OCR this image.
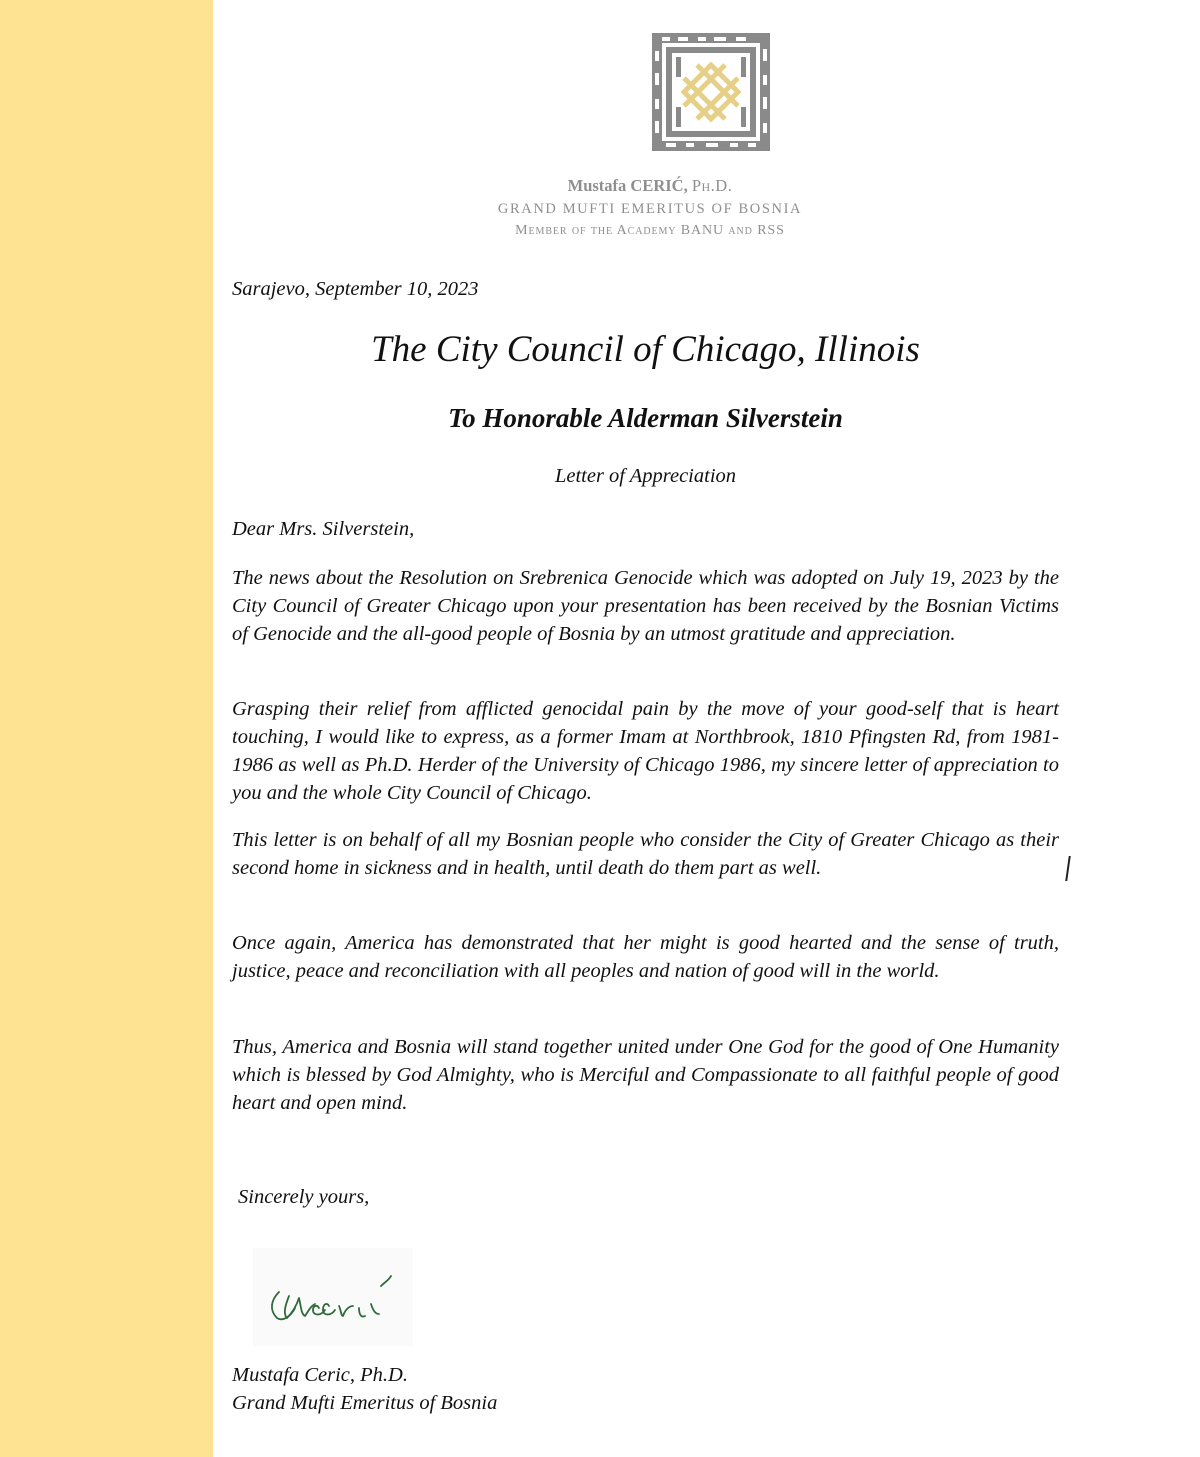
Mustafa CERIĆ, Ph.D.
GRAND MUFTI EMERITUS OF BOSNIA
Member of the Academy BANU and RSS
Sarajevo, September 10, 2023
The City Council of Chicago, Illinois
To Honorable Alderman Silverstein
Letter of Appreciation
Dear Mrs. Silverstein,

The news about the Resolution on Srebrenica Genocide which was adopted on July 19, 2023 by the City Council of Greater Chicago upon your presentation has been received by the Bosnian Victims of Genocide and the all-good people of Bosnia by an utmost gratitude and appreciation.

Grasping their relief from afflicted genocidal pain by the move of your good-self that is heart touching, I would like to express, as a former Imam at Northbrook, 1810 Pfingsten Rd, from 1981-1986 as well as Ph.D. Herder of the University of Chicago 1986, my sincere letter of appreciation to you and the whole City Council of Chicago.

This letter is on behalf of all my Bosnian people who consider the City of Greater Chicago as their second home in sickness and in health, until death do them part as well.

Once again, America has demonstrated that her might is good hearted and the sense of truth, justice, peace and reconciliation with all peoples and nation of good will in the world.

Thus, America and Bosnia will stand together united under One God for the good of One Humanity which is blessed by God Almighty, who is Merciful and Compassionate to all faithful people of good heart and open mind.

Sincerely yours,
Mustafa Ceric, Ph.D.
Grand Mufti Emeritus of Bosnia
